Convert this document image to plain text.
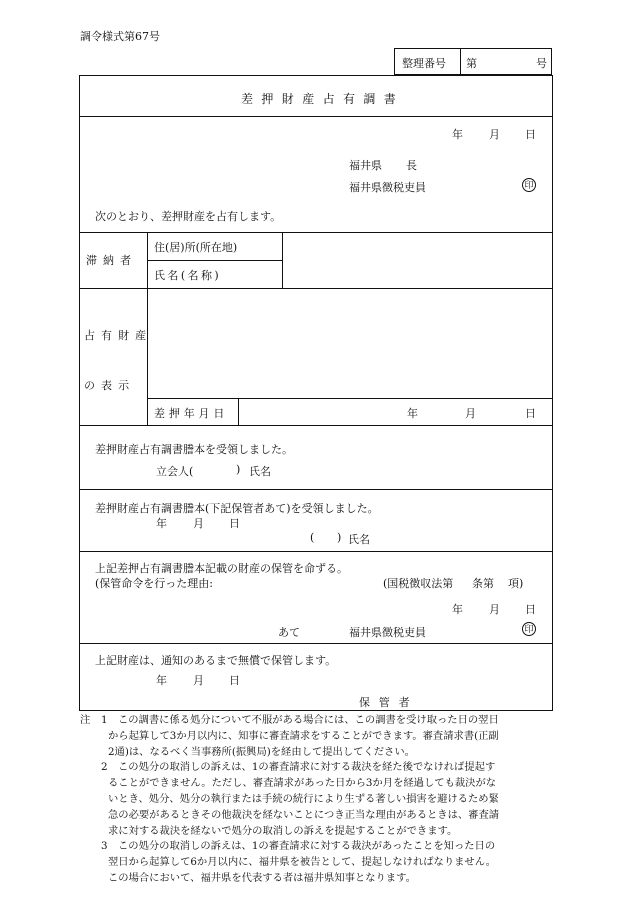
調令様式第67号
整理番号 第	号
差押財産占有調書
年 月 日
福井県 長
福井県徴税吏員	印
次のとおり、差押財産を占有します。
滞納者
住(居)所(所在地)
氏名(名称)
占有財産
の表示
差押年月日	年	月	日
差押財産占有調書謄本を受領しました。
立会人(	) 氏名
差押財産占有調書謄本(下記保管者あて)を受領しました。
年 月 日
( ) 氏名
上記差押占有調書謄本記載の財産の保管を命ずる。
(保管命令を行った理由:	(国税徴収法第 条第 項)
年 月 日
あて	福井県徴税吏員	印
上記財産は、通知のあるまで無償で保管します。
年 月 日
保管者
注 1 この調書に係る処分について不服がある場合には、この調書を受け取った日の翌日
から起算して3か月以内に、知事に審査請求をすることができます。審査請求書(正副
2通)は、なるべく当事務所(振興局)を経由して提出してください。
2 この処分の取消しの訴えは、1の審査請求に対する裁決を経た後でなければ提起す
ることができません。ただし、審査請求があった日から3か月を経過しても裁決がな
いとき、処分、処分の執行または手続の続行により生ずる著しい損害を避けるため緊
急の必要があるときその他裁決を経ないことにつき正当な理由があるときは、審査請
求に対する裁決を経ないで処分の取消しの訴えを提起することができます。
3 この処分の取消しの訴えは、1の審査請求に対する裁決があったことを知った日の
翌日から起算して6か月以内に、福井県を被告として、提起しなければなりません。
この場合において、福井県を代表する者は福井県知事となります。
